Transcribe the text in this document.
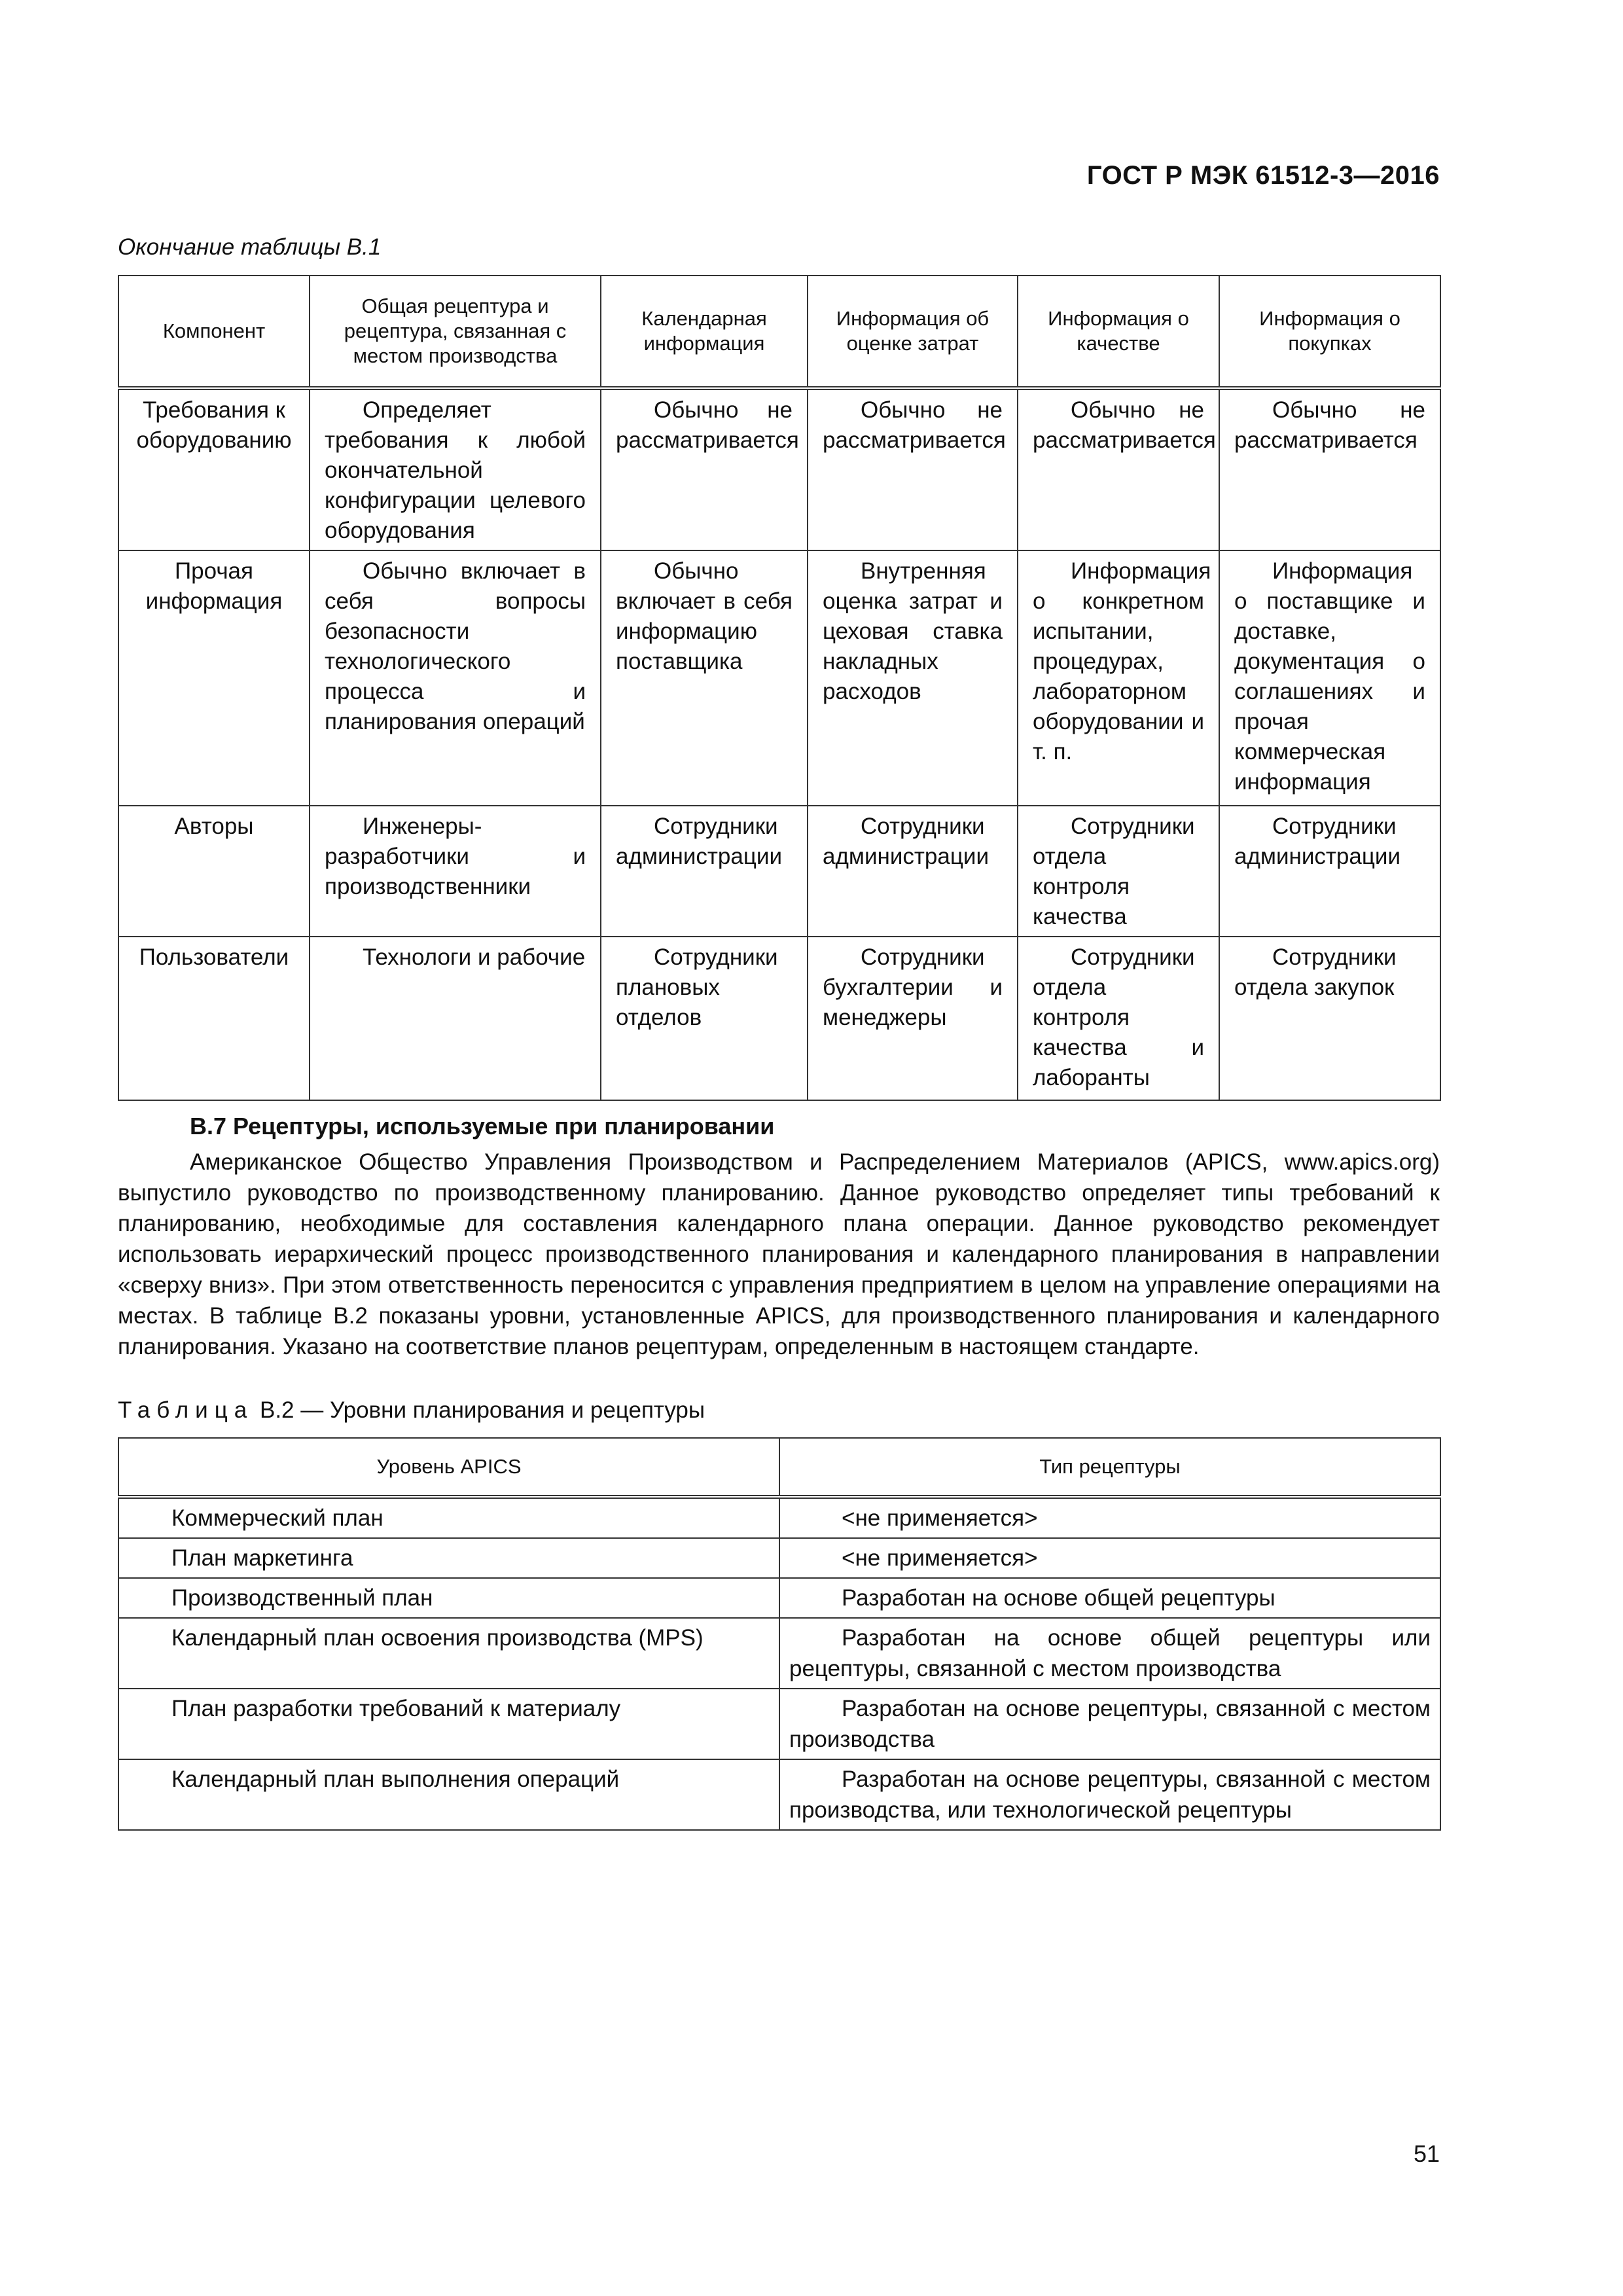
ГОСТ Р МЭК 61512-3—2016
Окончание таблицы В.1
Компонент	Общая рецептура и рецептура, связанная с местом производства	Календарная информация	Информация об оценке затрат	Информация о качестве	Информация о покупках
Требования к оборудованию	Определяет требования к любой окончательной конфигурации целевого оборудования	Обычно не рассматривается	Обычно не рассматривается	Обычно не рассматривается	Обычно не рассматривается
Прочая информация	Обычно включает в себя вопросы безопасности технологического процесса и планирования операций	Обычно включает в себя информацию поставщика	Внутренняя оценка затрат и цеховая ставка накладных расходов	Информация о конкретном испытании, процедурах, лабораторном оборудовании и т. п.	Информация о поставщике и доставке, документация о соглашениях и прочая коммерческая информация
Авторы	Инженеры-разработчики и производственники	Сотрудники администрации	Сотрудники администрации	Сотрудники отдела контроля качества	Сотрудники администрации
Пользователи	Технологи и рабочие	Сотрудники плановых отделов	Сотрудники бухгалтерии и менеджеры	Сотрудники отдела контроля качества и лаборанты	Сотрудники отдела закупок
В.7 Рецептуры, используемые при планировании

Американское Общество Управления Производством и Распределением Материалов (APICS, www.apics.org) выпустило руководство по производственному планированию. Данное руководство определяет типы требований к планированию, необходимые для составления календарного плана операции. Данное руководство рекомендует использовать иерархический процесс производственного планирования и календарного планирования в направлении «сверху вниз». При этом ответственность переносится с управления предприятием в целом на управление операциями на местах. В таблице В.2 показаны уровни, установленные APICS, для производственного планирования и календарного планирования. Указано на соответствие планов рецептурам, определенным в настоящем стандарте.

Таблица В.2 — Уровни планирования и рецептуры
Уровень APICS	Тип рецептуры
Коммерческий план	<не применяется>
План маркетинга	<не применяется>
Производственный план	Разработан на основе общей рецептуры
Календарный план освоения производства (MPS)	Разработан на основе общей рецептуры или рецептуры, связанной с местом производства
План разработки требований к материалу	Разработан на основе рецептуры, связанной с местом производства
Календарный план выполнения операций	Разработан на основе рецептуры, связанной с местом производства, или технологической рецептуры
51
